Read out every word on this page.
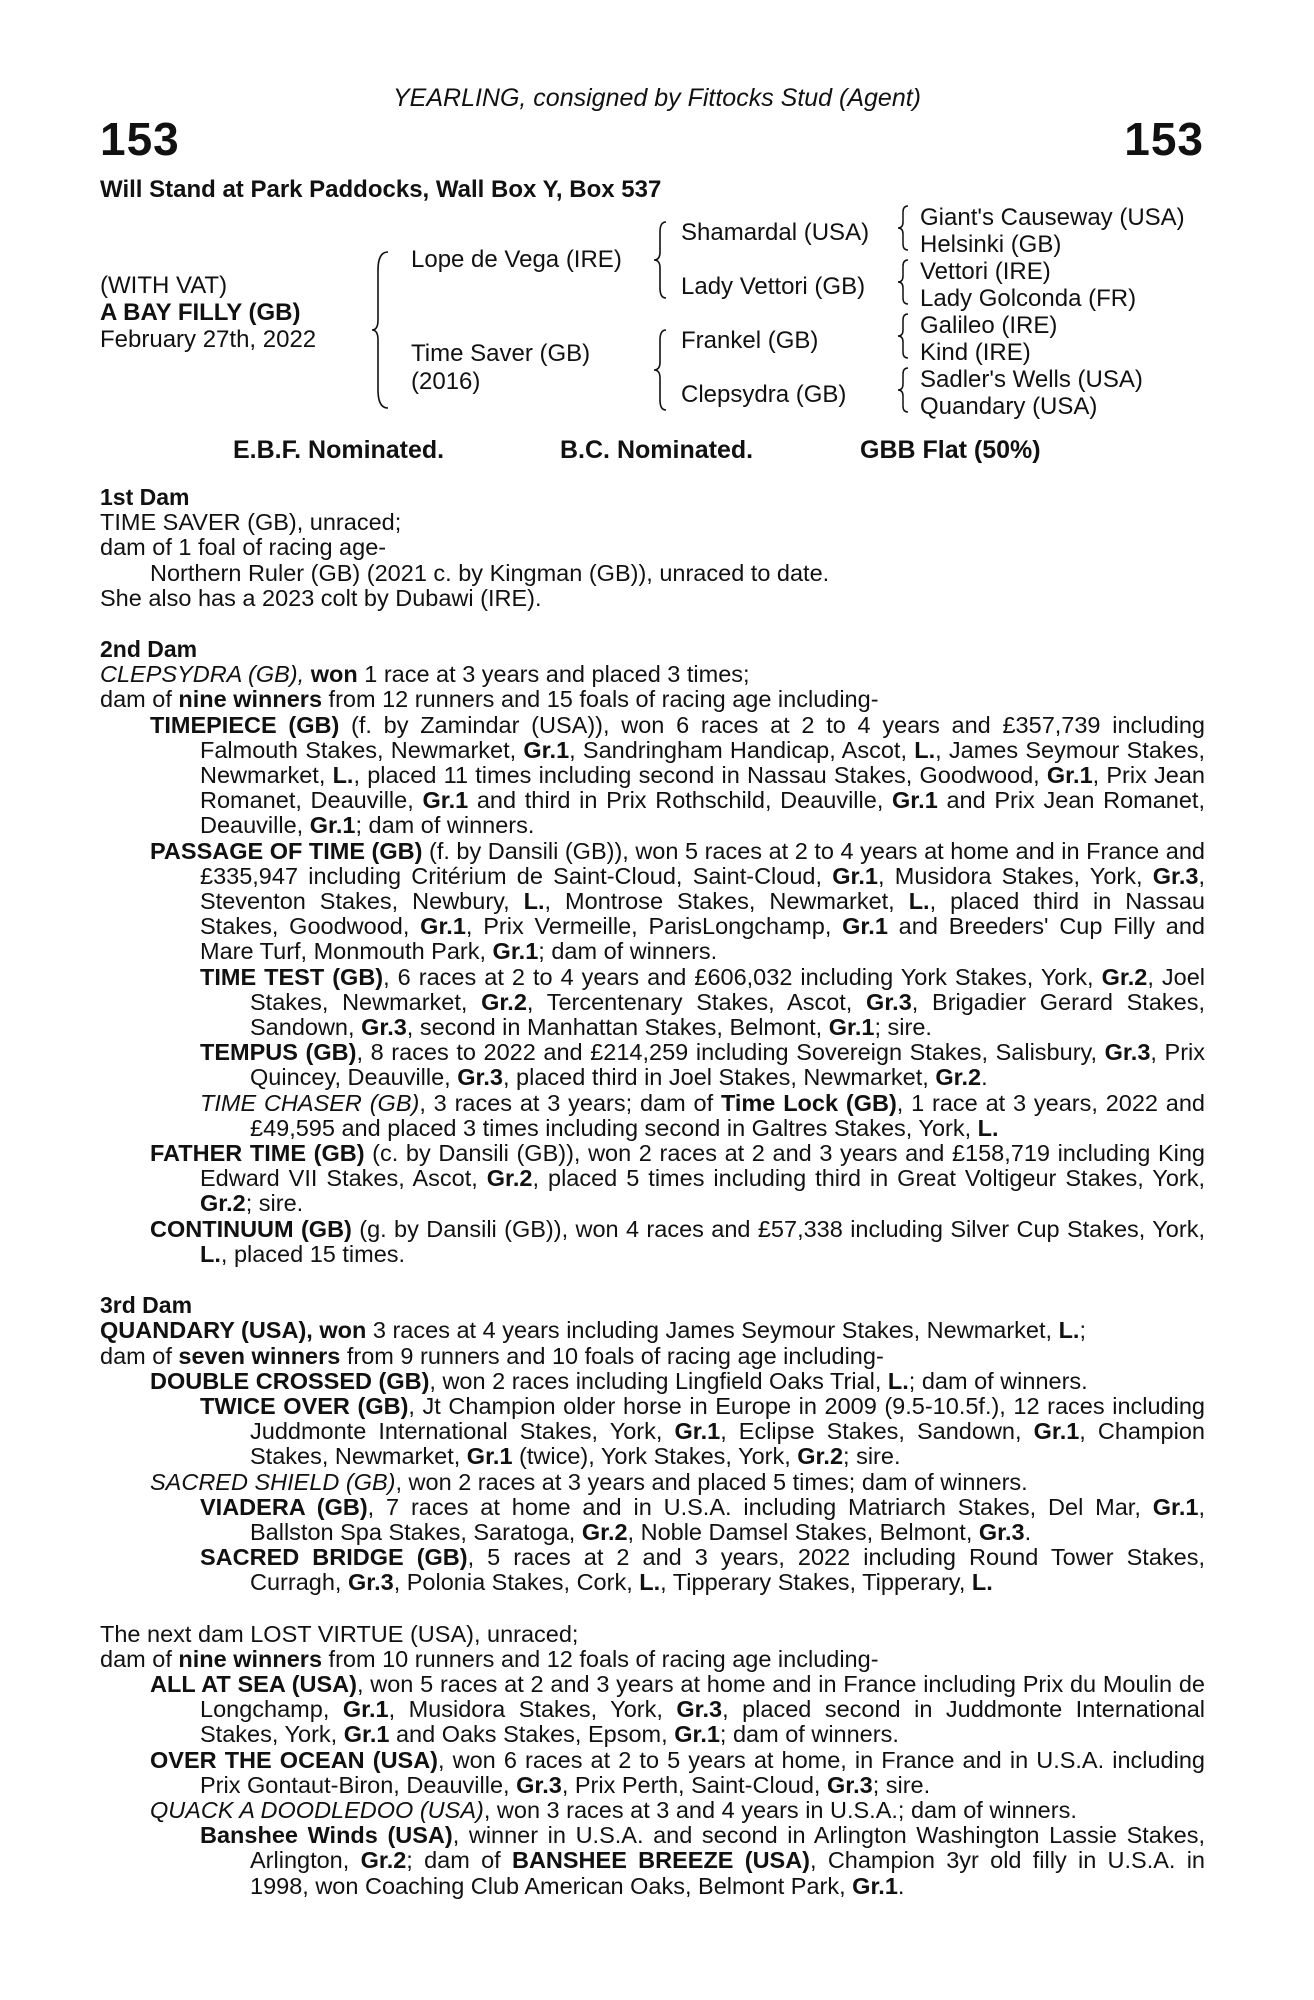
YEARLING, consigned by Fittocks Stud (Agent)
153	153
Will Stand at Park Paddocks, Wall Box Y, Box 537
(WITH VAT)
A BAY FILLY (GB)
February 27th, 2022
Lope de Vega (IRE)
Time Saver (GB)
(2016)
Shamardal (USA)
Lady Vettori (GB)
Frankel (GB)
Clepsydra (GB)
Giant's Causeway (USA)
Helsinki (GB)
Vettori (IRE)
Lady Golconda (FR)
Galileo (IRE)
Kind (IRE)
Sadler's Wells (USA)
Quandary (USA)
E.B.F. Nominated.	B.C. Nominated.	GBB Flat (50%)

1st Dam

TIME SAVER (GB), unraced;

dam of 1 foal of racing age-

Northern Ruler (GB) (2021 c. by Kingman (GB)), unraced to date.

She also has a 2023 colt by Dubawi (IRE).

2nd Dam

CLEPSYDRA (GB), won 1 race at 3 years and placed 3 times;

dam of nine winners from 12 runners and 15 foals of racing age including-

TIMEPIECE (GB) (f. by Zamindar (USA)), won 6 races at 2 to 4 years and £357,739 including Falmouth Stakes, Newmarket, Gr.1, Sandringham Handicap, Ascot, L., James Seymour Stakes, Newmarket, L., placed 11 times including second in Nassau Stakes, Goodwood, Gr.1, Prix Jean Romanet, Deauville, Gr.1 and third in Prix Rothschild, Deauville, Gr.1 and Prix Jean Romanet, Deauville, Gr.1; dam of winners.

PASSAGE OF TIME (GB) (f. by Dansili (GB)), won 5 races at 2 to 4 years at home and in France and £335,947 including Critérium de Saint-Cloud, Saint-Cloud, Gr.1, Musidora Stakes, York, Gr.3, Steventon Stakes, Newbury, L., Montrose Stakes, Newmarket, L., placed third in Nassau Stakes, Goodwood, Gr.1, Prix Vermeille, ParisLongchamp, Gr.1 and Breeders' Cup Filly and Mare Turf, Monmouth Park, Gr.1; dam of winners.

TIME TEST (GB), 6 races at 2 to 4 years and £606,032 including York Stakes, York, Gr.2, Joel Stakes, Newmarket, Gr.2, Tercentenary Stakes, Ascot, Gr.3, Brigadier Gerard Stakes, Sandown, Gr.3, second in Manhattan Stakes, Belmont, Gr.1; sire.

TEMPUS (GB), 8 races to 2022 and £214,259 including Sovereign Stakes, Salisbury, Gr.3, Prix Quincey, Deauville, Gr.3, placed third in Joel Stakes, Newmarket, Gr.2.

TIME CHASER (GB), 3 races at 3 years; dam of Time Lock (GB), 1 race at 3 years, 2022 and £49,595 and placed 3 times including second in Galtres Stakes, York, L.

FATHER TIME (GB) (c. by Dansili (GB)), won 2 races at 2 and 3 years and £158,719 including King Edward VII Stakes, Ascot, Gr.2, placed 5 times including third in Great Voltigeur Stakes, York, Gr.2; sire.

CONTINUUM (GB) (g. by Dansili (GB)), won 4 races and £57,338 including Silver Cup Stakes, York, L., placed 15 times.

3rd Dam

QUANDARY (USA), won 3 races at 4 years including James Seymour Stakes, Newmarket, L.;

dam of seven winners from 9 runners and 10 foals of racing age including-

DOUBLE CROSSED (GB), won 2 races including Lingfield Oaks Trial, L.; dam of winners.

TWICE OVER (GB), Jt Champion older horse in Europe in 2009 (9.5-10.5f.), 12 races including Juddmonte International Stakes, York, Gr.1, Eclipse Stakes, Sandown, Gr.1, Champion Stakes, Newmarket, Gr.1 (twice), York Stakes, York, Gr.2; sire.

SACRED SHIELD (GB), won 2 races at 3 years and placed 5 times; dam of winners.

VIADERA (GB), 7 races at home and in U.S.A. including Matriarch Stakes, Del Mar, Gr.1, Ballston Spa Stakes, Saratoga, Gr.2, Noble Damsel Stakes, Belmont, Gr.3.

SACRED BRIDGE (GB), 5 races at 2 and 3 years, 2022 including Round Tower Stakes, Curragh, Gr.3, Polonia Stakes, Cork, L., Tipperary Stakes, Tipperary, L.

The next dam LOST VIRTUE (USA), unraced;

dam of nine winners from 10 runners and 12 foals of racing age including-

ALL AT SEA (USA), won 5 races at 2 and 3 years at home and in France including Prix du Moulin de Longchamp, Gr.1, Musidora Stakes, York, Gr.3, placed second in Juddmonte International Stakes, York, Gr.1 and Oaks Stakes, Epsom, Gr.1; dam of winners.

OVER THE OCEAN (USA), won 6 races at 2 to 5 years at home, in France and in U.S.A. including Prix Gontaut-Biron, Deauville, Gr.3, Prix Perth, Saint-Cloud, Gr.3; sire.

QUACK A DOODLEDOO (USA), won 3 races at 3 and 4 years in U.S.A.; dam of winners.

Banshee Winds (USA), winner in U.S.A. and second in Arlington Washington Lassie Stakes, Arlington, Gr.2; dam of BANSHEE BREEZE (USA), Champion 3yr old filly in U.S.A. in 1998, won Coaching Club American Oaks, Belmont Park, Gr.1.
